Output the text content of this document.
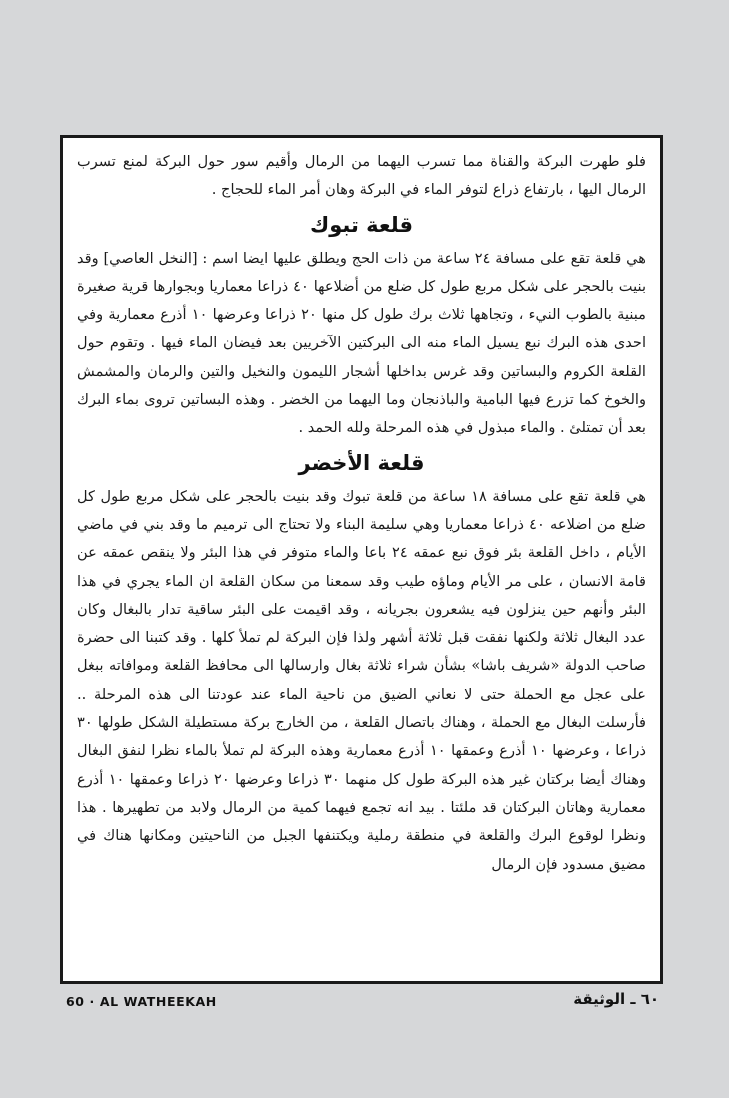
فلو طهرت البركة والقناة مما تسرب اليهما من الرمال وأقيم سور حول البركة لمنع تسرب الرمال اليها ، بارتفاع ذراع لتوفر الماء في البركة وهان أمر الماء للحجاج .

قلعة تبوك

هي قلعة تقع على مسافة ٢٤ ساعة من ذات الحج ويطلق عليها ايضا اسم : [النخل العاصي] وقد بنيت بالحجر على شكل مربع طول كل ضلع من أضلاعها ٤٠ ذراعا معماريا وبجوارها قرية صغيرة مبنية بالطوب النيء ، وتجاهها ثلاث برك طول كل منها ٢٠ ذراعا وعرضها ١٠ أذرع معمارية وفي احدى هذه البرك نبع يسيل الماء منه الى البركتين الآخريين بعد فيضان الماء فيها . وتقوم حول القلعة الكروم والبساتين وقد غرس بداخلها أشجار الليمون والنخيل والتين والرمان والمشمش والخوخ كما تزرع فيها البامية والباذنجان وما اليهما من الخضر . وهذه البساتين تروى بماء البرك بعد أن تمتلئ . والماء مبذول في هذه المرحلة ولله الحمد .

قلعة الأخضر

هي قلعة تقع على مسافة ١٨ ساعة من قلعة تبوك وقد بنيت بالحجر على شكل مربع طول كل ضلع من اضلاعه ٤٠ ذراعا معماريا وهي سليمة البناء ولا تحتاج الى ترميم ما وقد بني في ماضي الأيام ، داخل القلعة بئر فوق نبع عمقه ٢٤ باعا والماء متوفر في هذا البئر ولا ينقص عمقه عن قامة الانسان ، على مر الأيام وماؤه طيب وقد سمعنا من سكان القلعة ان الماء يجري في هذا البئر وأنهم حين ينزلون فيه يشعرون بجريانه ، وقد اقيمت على البئر ساقية تدار بالبغال وكان عدد البغال ثلاثة ولكنها نفقت قبل ثلاثة أشهر ولذا فإن البركة لم تملأ كلها . وقد كتبنا الى حضرة صاحب الدولة «شريف باشا» بشأن شراء ثلاثة بغال وارسالها الى محافظ القلعة وموافاته ببغل على عجل مع الحملة حتى لا نعاني الضيق من ناحية الماء عند عودتنا الى هذه المرحلة .. فأرسلت البغال مع الحملة ، وهناك باتصال القلعة ، من الخارج بركة مستطيلة الشكل طولها ٣٠ ذراعا ، وعرضها ١٠ أذرع وعمقها ١٠ أذرع معمارية وهذه البركة لم تملأ بالماء نظرا لنفق البغال وهناك أيضا بركتان غير هذه البركة طول كل منهما ٣٠ ذراعا وعرضها ٢٠ ذراعا وعمقها ١٠ أذرع معمارية وهاتان البركتان قد ملئتا . بيد انه تجمع فيهما كمية من الرمال ولابد من تطهيرها . هذا ونظرا لوقوع البرك والقلعة في منطقة رملية ويكتنفها الجبل من الناحيتين ومكانها هناك في مضيق مسدود فإن الرمال

60 · AL WATHEEKAH	٦٠ ـ الوثيقة
